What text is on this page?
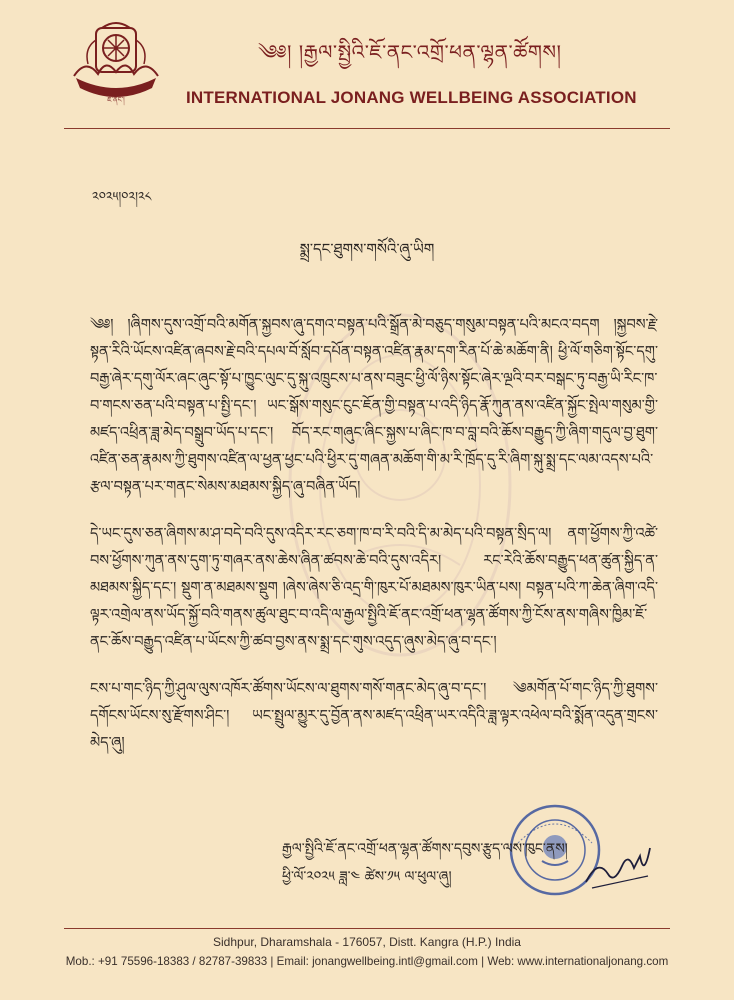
ཇོ་ནང་།
༄༅། །རྒྱལ་སྤྱིའི་ཇོ་ནང་འགྲོ་ཕན་ལྷན་ཚོགས།
INTERNATIONAL JONANG WELLBEING ASSOCIATION
༢༠༢༥།༠༢།༢༨
སྨྲ་དང་ཐུགས་གསོའི་ཞུ་ཡིག

༄༅། །ཞིགས་དུས་འགྲོ་བའི་མགོན་སྐྱབས་ཞུ་དགའ་བསྟན་པའི་སྒྲོན་མེ་བཅུད་གསུམ་བསྟན་པའི་མངའ་བདག །སྐྱབས་རྗེ་སྟན་རིའི་ཡོངས་འཛིན་ཞབས་རྗེ་བའི་དཔལ་བོ་སློབ་དཔོན་བསྟན་འཛིན་རྣམ་དག་རིན་པོ་ཆེ་མཆོག་ནི། ཕྱི་ལོ་གཅིག་སྟོང་དགུ་བརྒྱ་ཞེར་དགུ་ལོར་ཞང་ཞུང་སྟོ་པ་ཁྱུང་ལུང་དུ་སྐུ་འཁྲུངས་པ་ནས་བཟུང་ཕྱི་ལོ་ཉིས་སྟོང་ཞེར་ལྔའི་བར་བསྒང་ཏུ་བརྒྱ་ཡི་རིང་ཁ་བ་གངས་ཅན་པའི་བསྟན་པ་སྤྱི་དང་། ཡང་སྒོས་གསུང་ངུང་ཇོན་གྱི་བསྟན་པ་འདི་ཉིད་རྣོ་ཀུན་ནས་འཛིན་སྐྱོང་སྤེལ་གསུམ་གྱི་མཛད་འཕྲིན་ཟླ་མེད་བསྒྲུབ་ཡོད་པ་དང་། བོད་རང་གཞུང་ཞིང་སྐྱས་པ་ཞིང་ཁ་བ་བླ་བའི་ཆོས་བརྒྱུད་ཀྱི་ཞིག་གདུལ་བྱ་ཐུག་འཛིན་ཅན་རྣམས་ཀྱི་ཐུགས་འཛིན་ལ་ཕྱན་ཕྱང་པའི་ཕྱིར་དུ་གཞན་མཆོག་གི་མ་རི་ཁྲོད་དུ་རི་ཞིག་སྐུ་སྨྲ་དང་ལམ་འདས་པའི་རྩལ་བསྟན་པར་གནང་སེམས་མཐམས་སྐྱིད་ཞུ་བཞིན་ཡོད།

དེ་ཡང་དུས་ཅན་ཞིགས་མ་ཤ་བདེ་བའི་དུས་འདིར་རང་ཅག་ཁ་བ་རི་བའི་དི་མ་མེད་པའི་བསྟན་སྲིད་ལ། ནག་ཕྱོགས་ཀྱི་འཚེ་བས་ཕྱོགས་ཀུན་ནས་དུག་ཏུ་གཞར་ནས་ཆེས་ཞིན་ཚབས་ཆེ་བའི་དུས་འདིར། རང་རེའི་ཆོས་བརྒྱུད་ཕན་ཚུན་སྐྱིད་ན་མཐམས་སྐྱིད་དང་། སྡུག་ན་མཐམས་སྡུག །ཞེས་ཞེས་ཅི་འདྲ་གི་ཁུར་པོ་མཐམས་ཁུར་ཡིན་པས། བསྟན་པའི་ཀ་ཆེན་ཞིག་འདི་ལྟར་འགྲེལ་ནས་ཡོད་སྐྱོ་བའི་གནས་ཚུལ་ཐུང་བ་འདི་ལ་རྒྱལ་སྤྱིའི་ཇོ་ནང་འགྲོ་ཕན་ལྷན་ཚོགས་ཀྱི་ངོས་ནས་གཞིས་ཁྱིམ་ཇོ་ནང་ཆོས་བརྒྱུད་འཛིན་པ་ཡོངས་ཀྱི་ཚབ་བྱས་ནས་སྨྲ་དང་གུས་འདུད་ཞུས་མེད་ཞུ་བ་དང་།

ངས་པ་གང་ཉིད་ཀྱི་ཤུལ་ལུས་འཁོར་ཚོགས་ཡོངས་ལ་ཐུགས་གསོ་གནང་མེད་ཞུ་བ་དང་། ༄མགོན་པོ་གང་ཉིད་ཀྱི་ཐུགས་དགོངས་ཡོངས་སུ་རྫོགས་ཤིང་། ཡང་སྤྲུལ་མྱུར་དུ་བྱོན་ནས་མཛད་འཕྲིན་ཡར་འདིའི་ཟླ་ལྟར་འཕེལ་བའི་སྨོན་འདུན་གྲངས་མེད་ཞུ།

རྒྱལ་སྤྱིའི་ཇོ་ནང་འགྲོ་ཕན་ལྷན་ཚོགས་དབུས་རྩུད་ལས་ཁུང་ནས།
ཕྱི་ལོ་༢༠༢༥ ཟླ་༤ ཚེས་༡༥ ལ་ཕུལ་ཞུ།
Sidhpur, Dharamshala - 176057, Distt. Kangra (H.P.) India
Mob.: +91 75596-18383 / 82787-39833 | Email: jonangwellbeing.intl@gmail.com | Web: www.internationaljonang.com
